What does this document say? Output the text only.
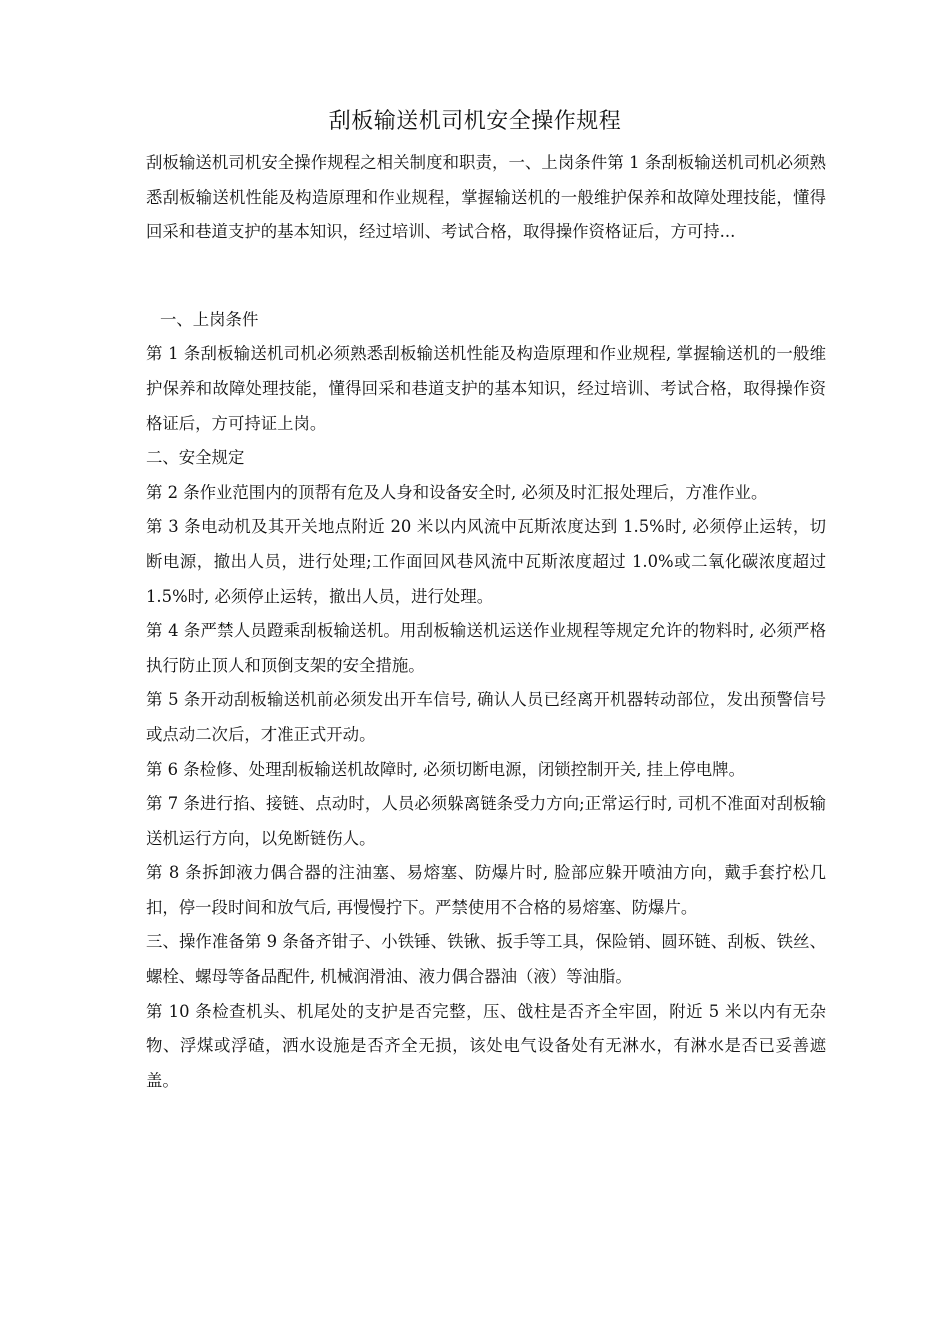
刮板输送机司机安全操作规程

刮板输送机司机安全操作规程之相关制度和职责，一、上岗条件第 1 条刮板输送机司机必须熟悉刮板输送机性能及构造原理和作业规程，掌握输送机的一般维护保养和故障处理技能，懂得回采和巷道支护的基本知识，经过培训、考试合格，取得操作资格证后，方可持...

一、上岗条件

第 1 条刮板输送机司机必须熟悉刮板输送机性能及构造原理和作业规程, 掌握输送机的一般维护保养和故障处理技能，懂得回采和巷道支护的基本知识，经过培训、考试合格，取得操作资格证后，方可持证上岗。

二、安全规定

第 2 条作业范围内的顶帮有危及人身和设备安全时, 必须及时汇报处理后，方准作业。

第 3 条电动机及其开关地点附近 20 米以内风流中瓦斯浓度达到 1.5%时, 必须停止运转，切断电源，撤出人员，进行处理;工作面回风巷风流中瓦斯浓度超过 1.0%或二氧化碳浓度超过 1.5%时, 必须停止运转，撤出人员，进行处理。

第 4 条严禁人员蹬乘刮板输送机。用刮板输送机运送作业规程等规定允许的物料时, 必须严格执行防止顶人和顶倒支架的安全措施。

第 5 条开动刮板输送机前必须发出开车信号, 确认人员已经离开机器转动部位，发出预警信号或点动二次后，才准正式开动。

第 6 条检修、处理刮板输送机故障时, 必须切断电源，闭锁控制开关, 挂上停电牌。

第 7 条进行掐、接链、点动时，人员必须躲离链条受力方向;正常运行时, 司机不准面对刮板输送机运行方向，以免断链伤人。

第 8 条拆卸液力偶合器的注油塞、易熔塞、防爆片时, 脸部应躲开喷油方向，戴手套拧松几扣，停一段时间和放气后, 再慢慢拧下。严禁使用不合格的易熔塞、防爆片。

三、操作准备第 9 条备齐钳子、小铁锤、铁锹、扳手等工具，保险销、圆环链、刮板、铁丝、螺栓、螺母等备品配件, 机械润滑油、液力偶合器油（液）等油脂。

第 10 条检查机头、机尾处的支护是否完整，压、戗柱是否齐全牢固，附近 5 米以内有无杂物、浮煤或浮碴，洒水设施是否齐全无损，该处电气设备处有无淋水，有淋水是否已妥善遮盖。
